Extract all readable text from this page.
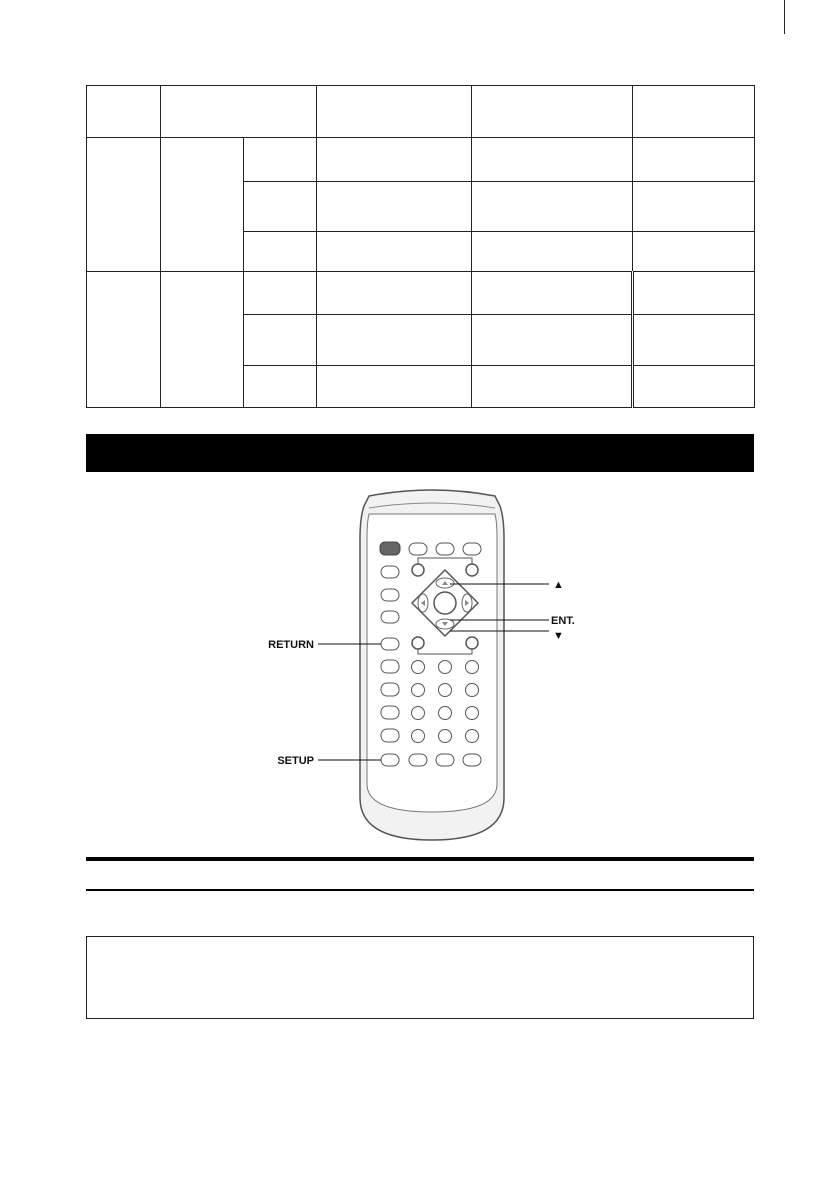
▲
ENT.
▼
RETURN
SETUP
